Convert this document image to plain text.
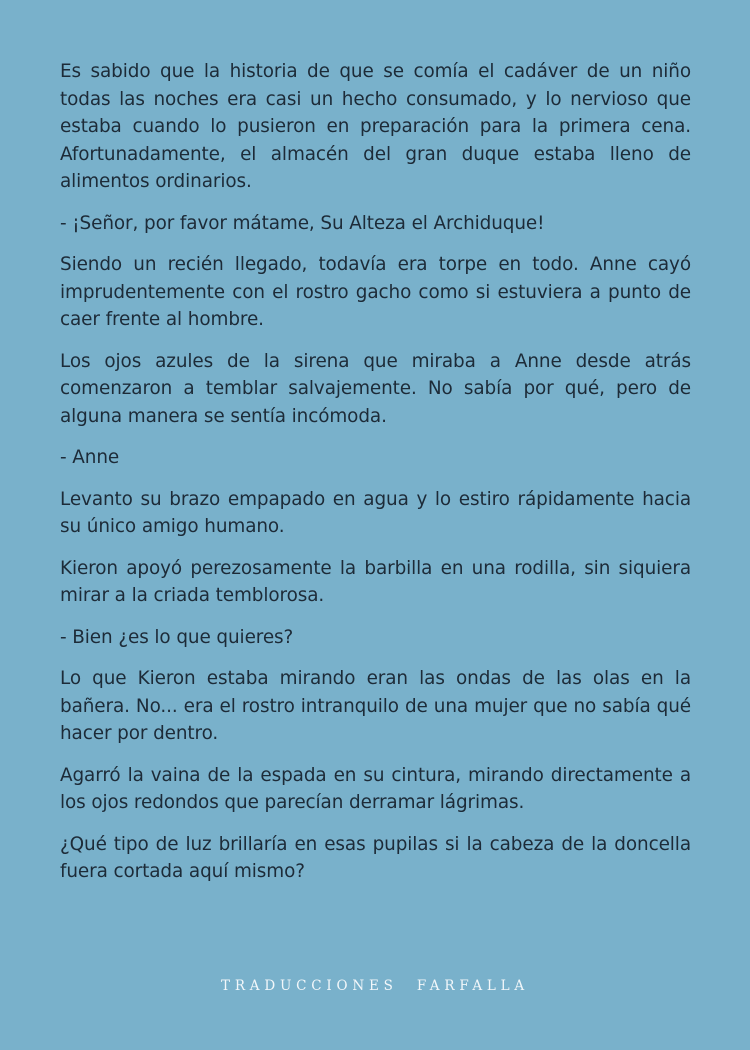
Es sabido que la historia de que se comía el cadáver de un niño todas las noches era casi un hecho consumado, y lo nervioso que estaba cuando lo pusieron en preparación para la primera cena. Afortunadamente, el almacén del gran duque estaba lleno de alimentos ordinarios.

- ¡Señor, por favor mátame, Su Alteza el Archiduque!

Siendo un recién llegado, todavía era torpe en todo. Anne cayó imprudentemente con el rostro gacho como si estuviera a punto de caer frente al hombre.

Los ojos azules de la sirena que miraba a Anne desde atrás comenzaron a temblar salvajemente. No sabía por qué, pero de alguna manera se sentía incómoda.

- Anne

Levanto su brazo empapado en agua y lo estiro rápidamente hacia su único amigo humano.

Kieron apoyó perezosamente la barbilla en una rodilla, sin siquiera mirar a la criada temblorosa.

- Bien ¿es lo que quieres?

Lo que Kieron estaba mirando eran las ondas de las olas en la bañera. No... era el rostro intranquilo de una mujer que no sabía qué hacer por dentro.

Agarró la vaina de la espada en su cintura, mirando directamente a los ojos redondos que parecían derramar lágrimas.

¿Qué tipo de luz brillaría en esas pupilas si la cabeza de la doncella fuera cortada aquí mismo?

TRADUCCIONES FARFALLA
